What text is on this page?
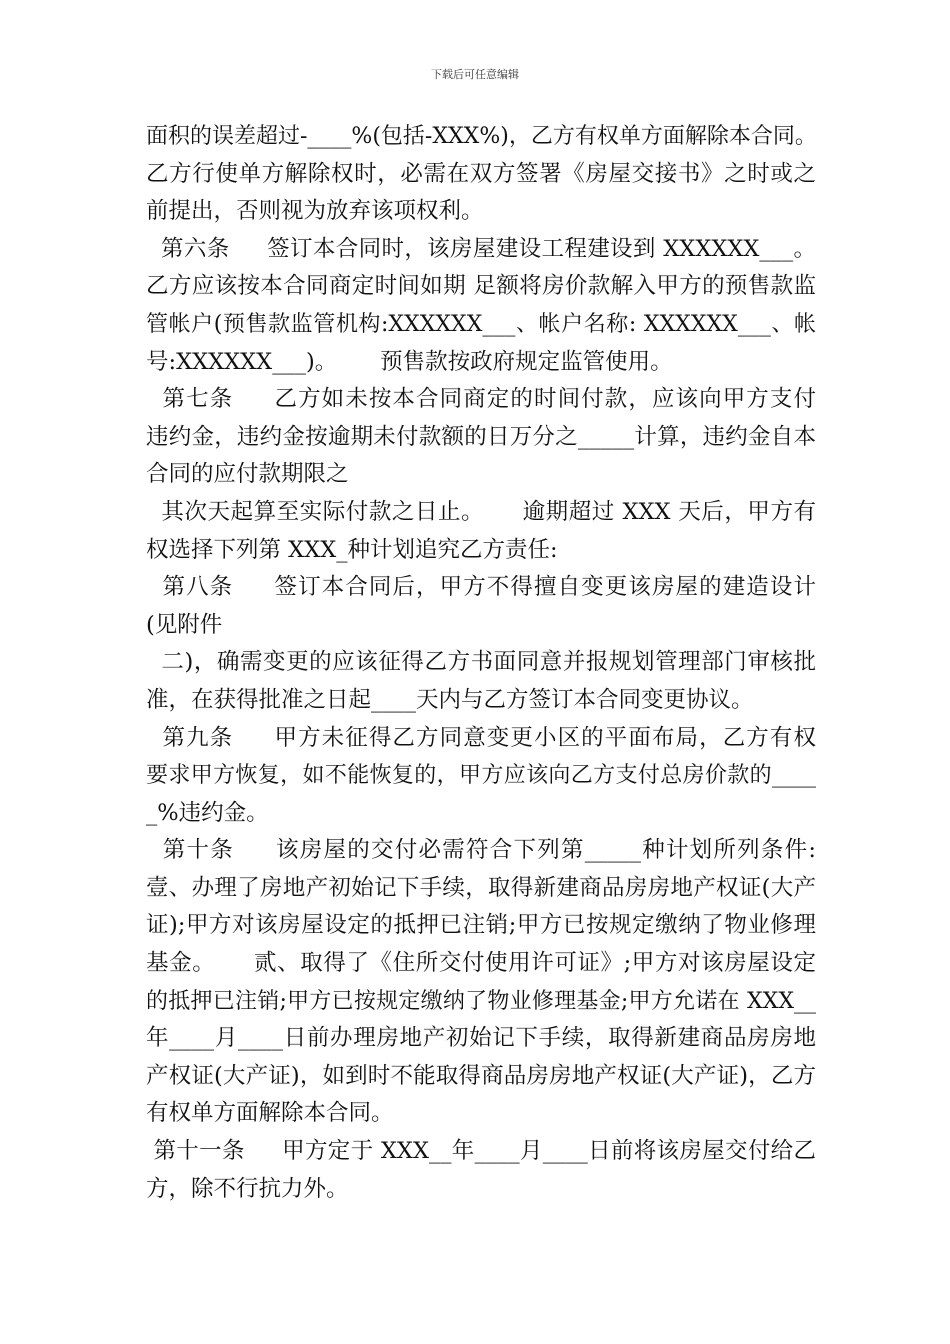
下载后可任意编辑
面积的误差超过-____%(包括-XXX%)，乙方有权单方面解除本合同。
乙方行使单方解除权时，必需在双方签署《房屋交接书》之时或之
前提出，否则视为放弃该项权利。
第六条     签订本合同时，该房屋建设工程建设到 XXXXXX___。
乙方应该按本合同商定时间如期 足额将房价款解入甲方的预售款监
管帐户(预售款监管机构:XXXXXX___、帐户名称: XXXXXX___、帐
号:XXXXXX___)。      预售款按政府规定监管使用。
第七条     乙方如未按本合同商定的时间付款，应该向甲方支付
违约金，违约金按逾期未付款额的日万分之_____计算，违约金自本
合同的应付款期限之
其次天起算至实际付款之日止。     逾期超过 XXX 天后，甲方有
权选择下列第 XXX_种计划追究乙方责任:
第八条     签订本合同后，甲方不得擅自变更该房屋的建造设计
(见附件
二)，确需变更的应该征得乙方书面同意并报规划管理部门审核批
准，在获得批准之日起____天内与乙方签订本合同变更协议。
第九条     甲方未征得乙方同意变更小区的平面布局，乙方有权
要求甲方恢复，如不能恢复的，甲方应该向乙方支付总房价款的____
_%违约金。
第十条     该房屋的交付必需符合下列第_____种计划所列条件:
壹、办理了房地产初始记下手续，取得新建商品房房地产权证(大产
证);甲方对该房屋设定的抵押已注销;甲方已按规定缴纳了物业修理
基金。     贰、取得了《住所交付使用许可证》;甲方对该房屋设定
的抵押已注销;甲方已按规定缴纳了物业修理基金;甲方允诺在 XXX__
年____月____日前办理房地产初始记下手续，取得新建商品房房地
产权证(大产证)，如到时不能取得商品房房地产权证(大产证)，乙方
有权单方面解除本合同。
第十一条     甲方定于 XXX__年____月____日前将该房屋交付给乙
方，除不行抗力外。
